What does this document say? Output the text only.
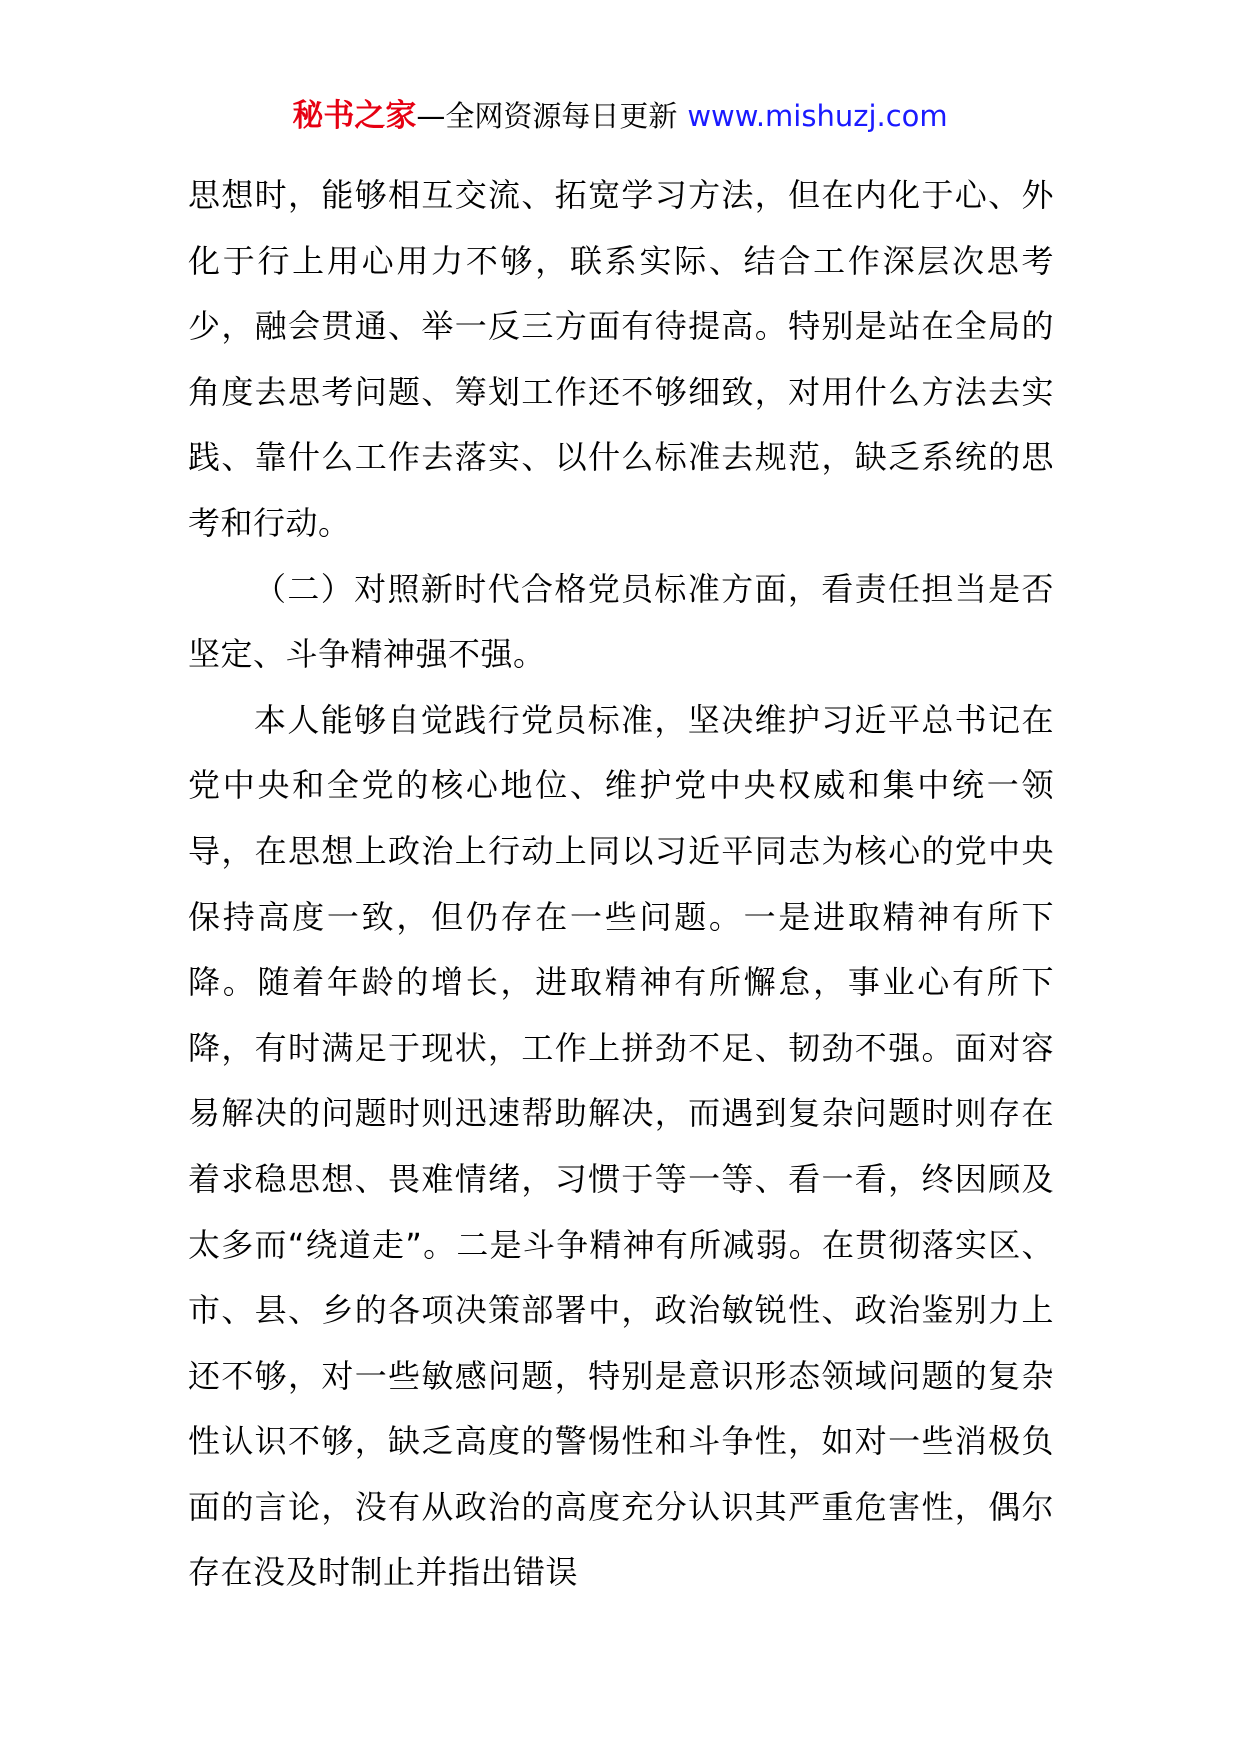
秘书之家—全网资源每日更新 www.mishuzj.com

思想时，能够相互交流、拓宽学习方法，但在内化于心、外化于行上用心用力不够，联系实际、结合工作深层次思考少，融会贯通、举一反三方面有待提高。特别是站在全局的角度去思考问题、筹划工作还不够细致，对用什么方法去实践、靠什么工作去落实、以什么标准去规范，缺乏系统的思考和行动。

（二）对照新时代合格党员标准方面，看责任担当是否坚定、斗争精神强不强。

本人能够自觉践行党员标准，坚决维护习近平总书记在党中央和全党的核心地位、维护党中央权威和集中统一领导，在思想上政治上行动上同以习近平同志为核心的党中央保持高度一致，但仍存在一些问题。一是进取精神有所下降。随着年龄的增长，进取精神有所懈怠，事业心有所下降，有时满足于现状，工作上拼劲不足、韧劲不强。面对容易解决的问题时则迅速帮助解决，而遇到复杂问题时则存在着求稳思想、畏难情绪，习惯于等一等、看一看，终因顾及太多而“绕道走”。二是斗争精神有所减弱。在贯彻落实区、市、县、乡的各项决策部署中，政治敏锐性、政治鉴别力上还不够，对一些敏感问题，特别是意识形态领域问题的复杂性认识不够，缺乏高度的警惕性和斗争性，如对一些消极负面的言论，没有从政治的高度充分认识其严重危害性，偶尔存在没及时制止并指出错误
